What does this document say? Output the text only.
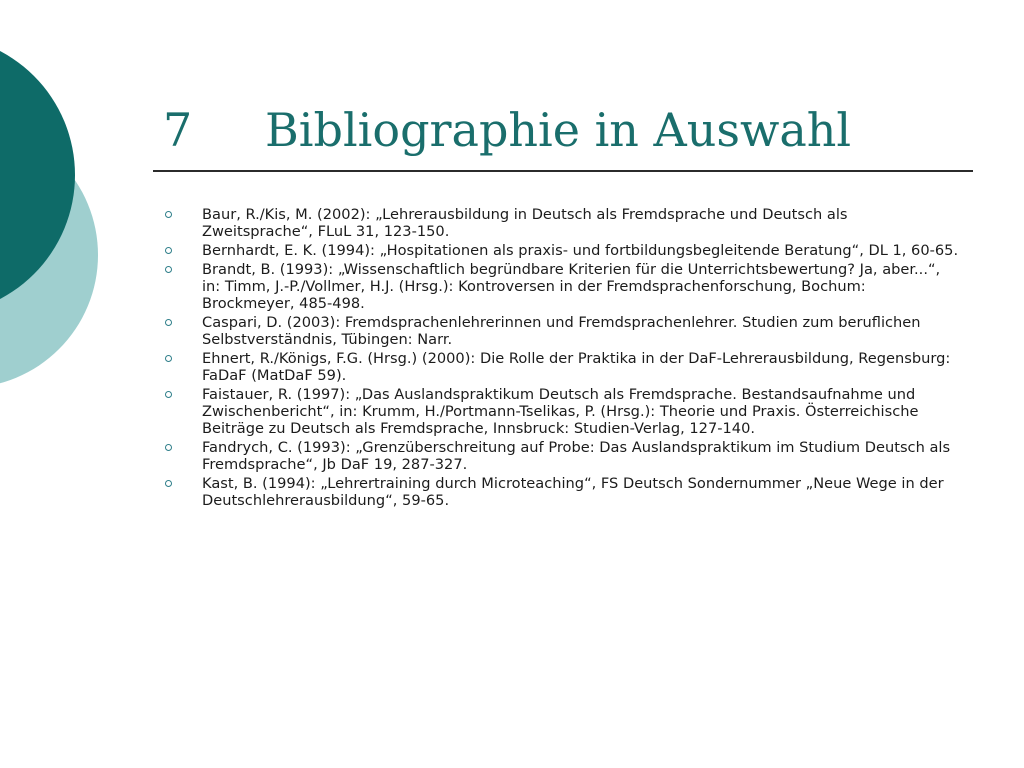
7 Bibliographie in Auswahl
Baur, R./Kis, M. (2002): „Lehrerausbildung in Deutsch als Fremdsprache und Deutsch als Zweitsprache“, FLuL 31, 123-150.
Bernhardt, E. K. (1994): „Hospitationen als praxis- und fortbildungsbegleitende Beratung“, DL 1, 60-65.
Brandt, B. (1993): „Wissenschaftlich begründbare Kriterien für die Unterrichtsbewertung? Ja, aber...“, in: Timm, J.-P./Vollmer, H.J. (Hrsg.): Kontroversen in der Fremdsprachenforschung, Bochum: Brockmeyer, 485-498.
Caspari, D. (2003): Fremdsprachenlehrerinnen und Fremdsprachenlehrer. Studien zum beruflichen Selbstverständnis, Tübingen: Narr.
Ehnert, R./Königs, F.G. (Hrsg.) (2000): Die Rolle der Praktika in der DaF-Lehrerausbildung, Regensburg: FaDaF (MatDaF 59).
Faistauer, R. (1997): „Das Auslandspraktikum Deutsch als Fremdsprache. Bestandsaufnahme und Zwischenbericht“, in: Krumm, H./Portmann-Tselikas, P. (Hrsg.): Theorie und Praxis. Österreichische Beiträge zu Deutsch als Fremdsprache, Innsbruck: Studien-Verlag, 127-140.
Fandrych, C. (1993): „Grenzüberschreitung auf Probe: Das Auslandspraktikum im Studium Deutsch als Fremdsprache“, Jb DaF 19, 287-327.
Kast, B. (1994): „Lehrertraining durch Microteaching“, FS Deutsch Sondernummer „Neue Wege in der Deutschlehrerausbildung“, 59-65.
